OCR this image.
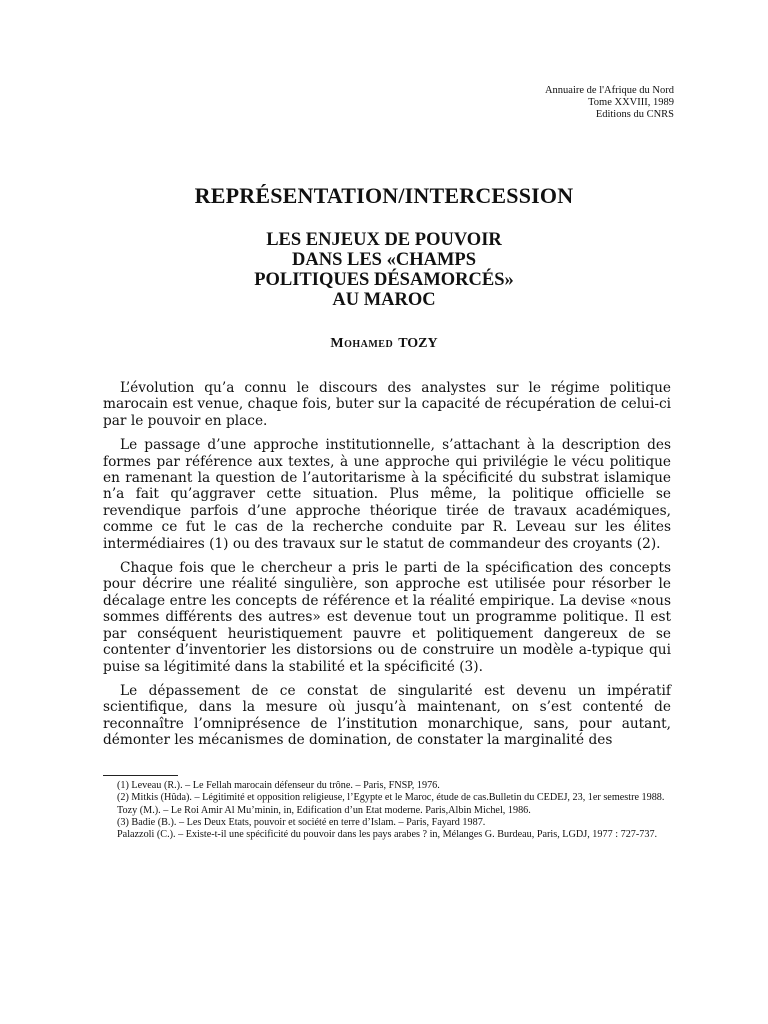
Annuaire de l'Afrique du Nord
Tome XXVIII, 1989
Editions du CNRS
REPRÉSENTATION/INTERCESSION
LES ENJEUX DE POUVOIR
DANS LES «CHAMPS
POLITIQUES DÉSAMORCÉS»
AU MAROC
Mohamed TOZY

L’évolution qu’a connu le discours des analystes sur le régime politique marocain est venue, chaque fois, buter sur la capacité de récupération de celui-ci par le pouvoir en place.

Le passage d’une approche institutionnelle, s’attachant à la description des formes par référence aux textes, à une approche qui privilégie le vécu politique en ramenant la question de l’autoritarisme à la spécificité du substrat islamique n’a fait qu’aggraver cette situation. Plus même, la politique officielle se revendique parfois d’une approche théorique tirée de travaux académiques, comme ce fut le cas de la recherche conduite par R. Leveau sur les élites intermédiaires (1) ou des travaux sur le statut de commandeur des croyants (2).

Chaque fois que le chercheur a pris le parti de la spécification des concepts pour décrire une réalité singulière, son approche est utilisée pour résorber le décalage entre les concepts de référence et la réalité empirique. La devise «nous sommes différents des autres» est devenue tout un programme politique. Il est par conséquent heuristiquement pauvre et politiquement dangereux de se contenter d’inventorier les distorsions ou de construire un modèle a-typique qui puise sa légitimité dans la stabilité et la spécificité (3).

Le dépassement de ce constat de singularité est devenu un impératif scientifique, dans la mesure où jusqu’à maintenant, on s’est contenté de reconnaître l’omniprésence de l’institution monarchique, sans, pour autant, démonter les mécanismes de domination, de constater la marginalité des

(1) Leveau (R.). – Le Fellah marocain défenseur du trône. – Paris, FNSP, 1976.

(2) Mitkis (Hûda). – Légitimité et opposition religieuse, l’Egypte et le Maroc, étude de cas.Bulletin du CEDEJ, 23, 1er semestre 1988.

Tozy (M.). – Le Roi Amir Al Mu’minin, in, Edification d’un Etat moderne. Paris,Albin Michel, 1986.

(3) Badie (B.). – Les Deux Etats, pouvoir et société en terre d’Islam. – Paris, Fayard 1987.

Palazzoli (C.). – Existe-t-il une spécificité du pouvoir dans les pays arabes ? in, Mélanges G. Burdeau, Paris, LGDJ, 1977 : 727-737.
